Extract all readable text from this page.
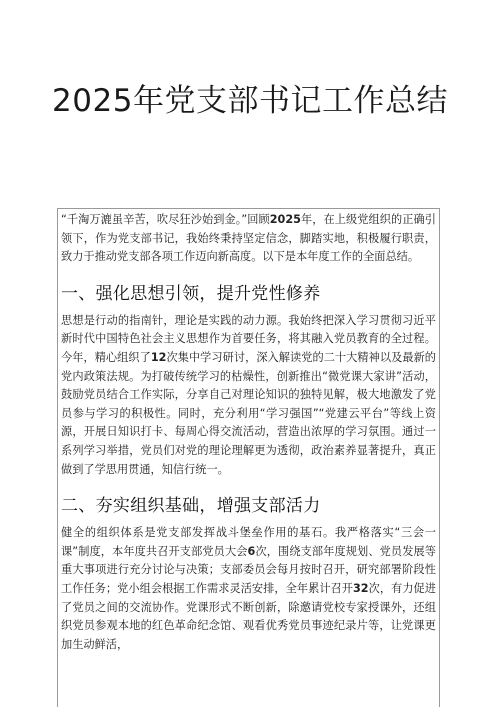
2025年党支部书记工作总结

“千淘万漉虽辛苦，吹尽狂沙始到金。”回顾2025年，在上级党组织的正确引领下，作为党支部书记，我始终秉持坚定信念，脚踏实地，积极履行职责，致力于推动党支部各项工作迈向新高度。以下是本年度工作的全面总结。

一、强化思想引领，提升党性修养

思想是行动的指南针，理论是实践的动力源。我始终把深入学习贯彻习近平新时代中国特色社会主义思想作为首要任务，将其融入党员教育的全过程。今年，精心组织了12次集中学习研讨，深入解读党的二十大精神以及最新的党内政策法规。为打破传统学习的枯燥性，创新推出“微党课大家讲”活动，鼓励党员结合工作实际，分享自己对理论知识的独特见解，极大地激发了党员参与学习的积极性。同时，充分利用“学习强国”“党建云平台”等线上资源，开展日知识打卡、每周心得交流活动，营造出浓厚的学习氛围。通过一系列学习举措，党员们对党的理论理解更为透彻，政治素养显著提升，真正做到了学思用贯通，知信行统一。

二、夯实组织基础，增强支部活力

健全的组织体系是党支部发挥战斗堡垒作用的基石。我严格落实“三会一课”制度，本年度共召开支部党员大会6次，围绕支部年度规划、党员发展等重大事项进行充分讨论与决策；支部委员会每月按时召开，研究部署阶段性工作任务；党小组会根据工作需求灵活安排，全年累计召开32次，有力促进了党员之间的交流协作。党课形式不断创新，除邀请党校专家授课外，还组织党员参观本地的红色革命纪念馆、观看优秀党员事迹纪录片等，让党课更加生动鲜活，
